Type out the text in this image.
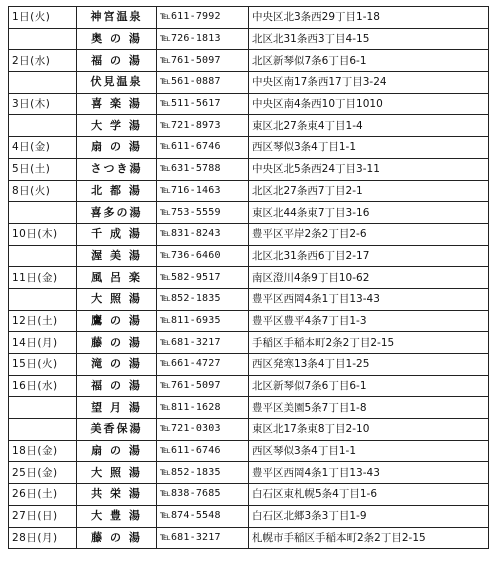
1日(火)	神宮温泉	℡611-7992	中央区北3条西29丁目1-18
	奥 の 湯	℡726-1813	北区北31条西3丁目4-15
2日(水)	福 の 湯	℡761-5097	北区新琴似7条6丁目6-1
	伏見温泉	℡561-0887	中央区南17条西17丁目3-24
3日(木)	喜 楽 湯	℡511-5617	中央区南4条西10丁目1010
	大 学 湯	℡721-8973	東区北27条東4丁目1-4
4日(金)	扇 の 湯	℡611-6746	西区琴似3条4丁目1-1
5日(土)	さつき湯	℡631-5788	中央区北5条西24丁目3-11
8日(火)	北 都 湯	℡716-1463	北区北27条西7丁目2-1
	喜多の湯	℡753-5559	東区北44条東7丁目3-16
10日(木)	千 成 湯	℡831-8243	豊平区平岸2条2丁目2-6
	渥 美 湯	℡736-6460	北区北31条西6丁目2-17
11日(金)	風 呂 楽	℡582-9517	南区澄川4条9丁目10-62
	大 照 湯	℡852-1835	豊平区西岡4条1丁目13-43
12日(土)	鷹 の 湯	℡811-6935	豊平区豊平4条7丁目1-3
14日(月)	藤 の 湯	℡681-3217	手稲区手稲本町2条2丁目2-15
15日(火)	滝 の 湯	℡661-4727	西区発寒13条4丁目1-25
16日(水)	福 の 湯	℡761-5097	北区新琴似7条6丁目6-1
	望 月 湯	℡811-1628	豊平区美園5条7丁目1-8
	美香保湯	℡721-0303	東区北17条東8丁目2-10
18日(金)	扇 の 湯	℡611-6746	西区琴似3条4丁目1-1
25日(金)	大 照 湯	℡852-1835	豊平区西岡4条1丁目13-43
26日(土)	共 栄 湯	℡838-7685	白石区東札幌5条4丁目1-6
27日(日)	大 豊 湯	℡874-5548	白石区北郷3条3丁目1-9
28日(月)	藤 の 湯	℡681-3217	札幌市手稲区手稲本町2条2丁目2-15
